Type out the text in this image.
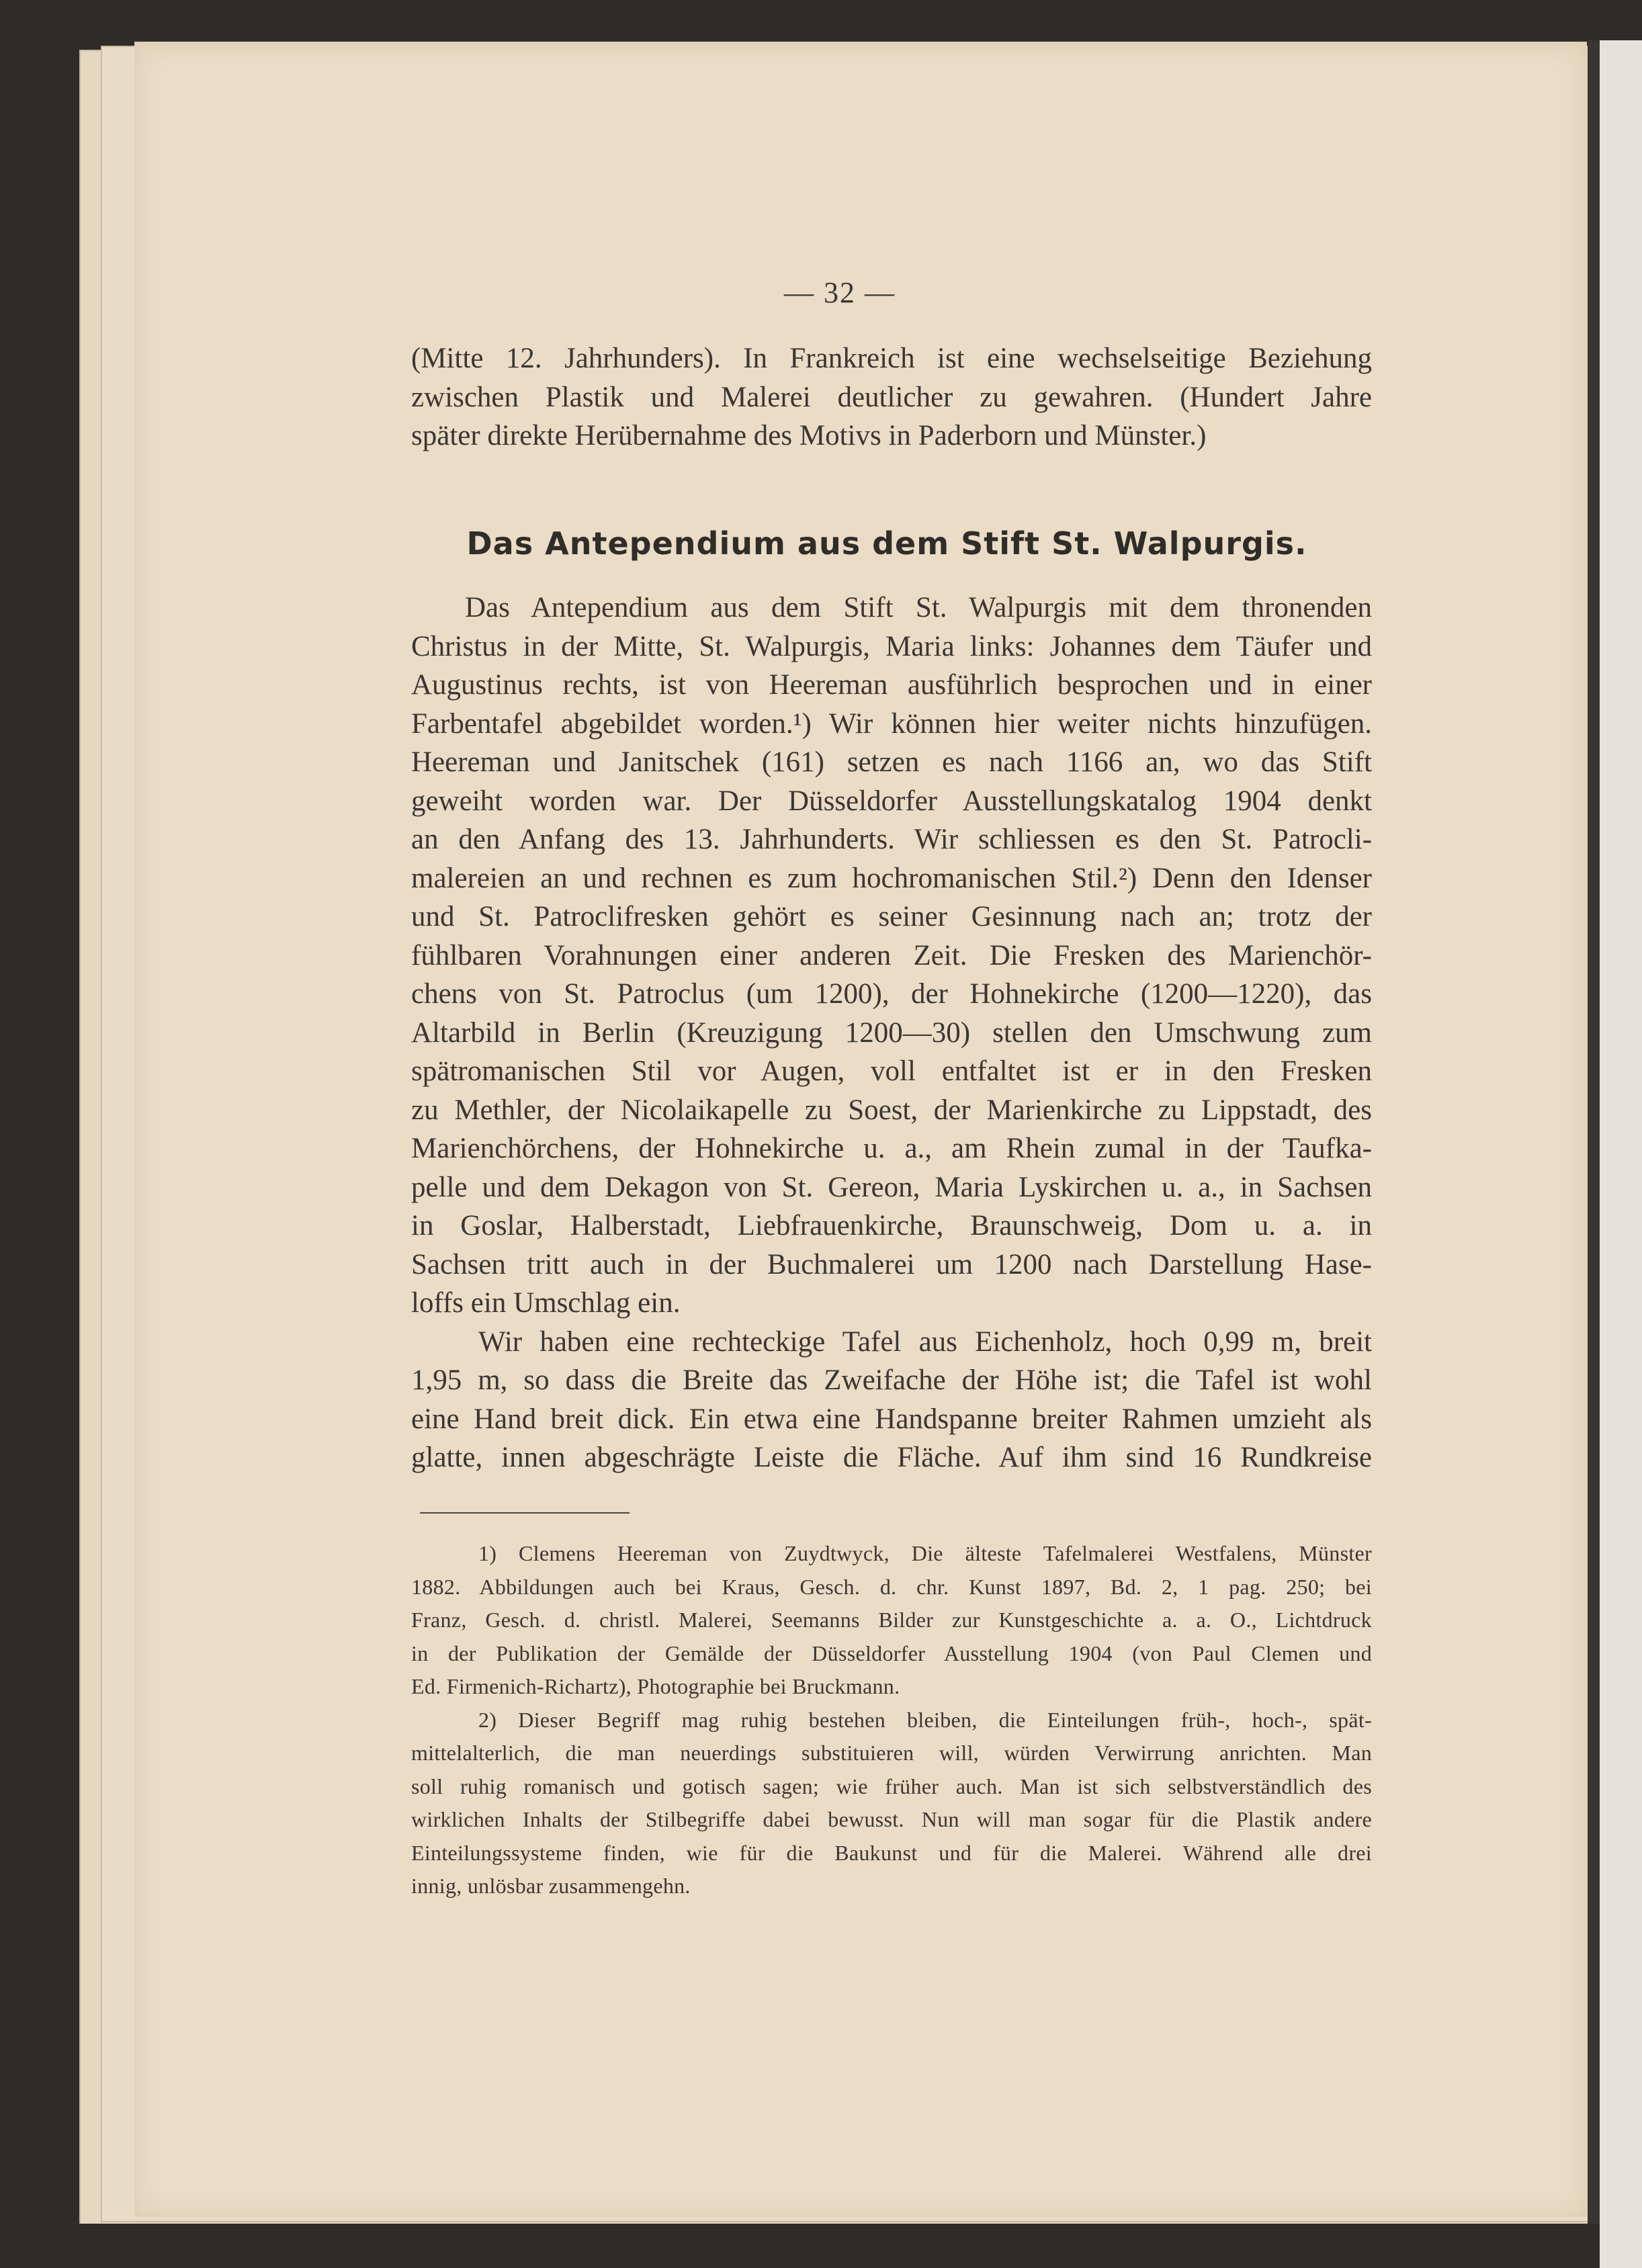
— 32 —
(Mitte 12. Jahrhunders). In Frankreich ist eine wechselseitige Beziehung
zwischen Plastik und Malerei deutlicher zu gewahren. (Hundert Jahre
später direkte Herübernahme des Motivs in Paderborn und Münster.)
Das Antependium aus dem Stift St. Walpurgis.
Das Antependium aus dem Stift St. Walpurgis mit dem thronenden
Christus in der Mitte, St. Walpurgis, Maria links: Johannes dem Täufer und
Augustinus rechts, ist von Heereman ausführlich besprochen und in einer
Farbentafel abgebildet worden.¹) Wir können hier weiter nichts hinzufügen.
Heereman und Janitschek (161) setzen es nach 1166 an, wo das Stift
geweiht worden war. Der Düsseldorfer Ausstellungskatalog 1904 denkt
an den Anfang des 13. Jahrhunderts. Wir schliessen es den St. Patrocli-
malereien an und rechnen es zum hochromanischen Stil.²) Denn den Idenser
und St. Patroclifresken gehört es seiner Gesinnung nach an; trotz der
fühlbaren Vorahnungen einer anderen Zeit. Die Fresken des Marienchör-
chens von St. Patroclus (um 1200), der Hohnekirche (1200—1220), das
Altarbild in Berlin (Kreuzigung 1200—30) stellen den Umschwung zum
spätromanischen Stil vor Augen, voll entfaltet ist er in den Fresken
zu Methler, der Nicolaikapelle zu Soest, der Marienkirche zu Lippstadt, des
Marienchörchens, der Hohnekirche u. a., am Rhein zumal in der Taufka-
pelle und dem Dekagon von St. Gereon, Maria Lyskirchen u. a., in Sachsen
in Goslar, Halberstadt, Liebfrauenkirche, Braunschweig, Dom u. a. in
Sachsen tritt auch in der Buchmalerei um 1200 nach Darstellung Hase-
loffs ein Umschlag ein.
Wir haben eine rechteckige Tafel aus Eichenholz, hoch 0,99 m, breit
1,95 m, so dass die Breite das Zweifache der Höhe ist; die Tafel ist wohl
eine Hand breit dick. Ein etwa eine Handspanne breiter Rahmen umzieht als
glatte, innen abgeschrägte Leiste die Fläche. Auf ihm sind 16 Rundkreise
1) Clemens Heereman von Zuydtwyck, Die älteste Tafelmalerei Westfalens, Münster
1882. Abbildungen auch bei Kraus, Gesch. d. chr. Kunst 1897, Bd. 2, 1 pag. 250; bei
Franz, Gesch. d. christl. Malerei, Seemanns Bilder zur Kunstgeschichte a. a. O., Lichtdruck
in der Publikation der Gemälde der Düsseldorfer Ausstellung 1904 (von Paul Clemen und
Ed. Firmenich-Richartz), Photographie bei Bruckmann.
2) Dieser Begriff mag ruhig bestehen bleiben, die Einteilungen früh-, hoch-, spät-
mittelalterlich, die man neuerdings substituieren will, würden Verwirrung anrichten. Man
soll ruhig romanisch und gotisch sagen; wie früher auch. Man ist sich selbstverständlich des
wirklichen Inhalts der Stilbegriffe dabei bewusst. Nun will man sogar für die Plastik andere
Einteilungssysteme finden, wie für die Baukunst und für die Malerei. Während alle drei
innig, unlösbar zusammengehn.
